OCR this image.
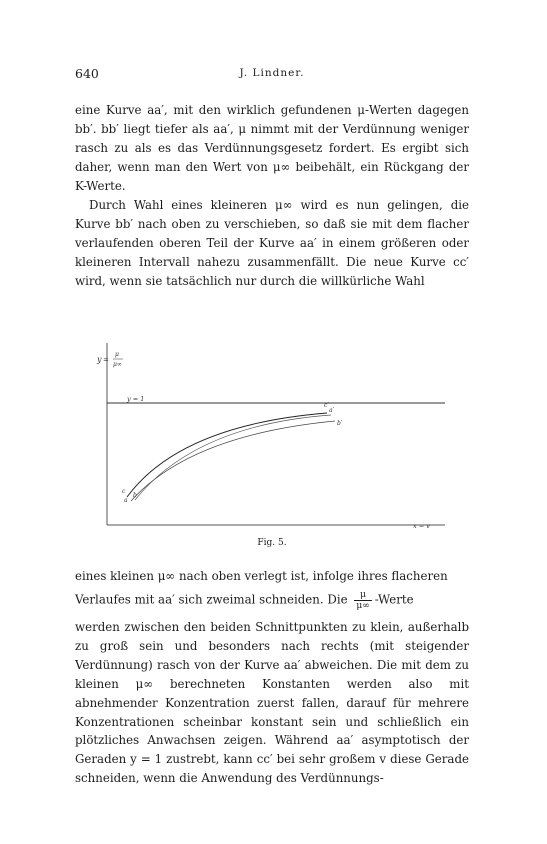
640	J. Lindner.

eine Kurve aa′, mit den wirklich gefundenen μ-Werten dagegen bb′. bb′ liegt tiefer als aa′, μ nimmt mit der Verdünnung weniger rasch zu als es das Verdünnungsgesetz fordert. Es ergibt sich daher, wenn man den Wert von μ∞ beibehält, ein Rückgang der K-Werte.

Durch Wahl eines kleineren μ∞ wird es nun gelingen, die Kurve bb′ nach oben zu verschieben, so daß sie mit dem flacher verlaufenden oberen Teil der Kurve aa′ in einem größeren oder kleineren Intervall nahezu zusammenfällt. Die neue Kurve cc′ wird, wenn sie tatsächlich nur durch die willkürliche Wahl

y =
μ
μ∞
y = 1
x = v
c
b
a
a′
c′
b′
Fig. 5.

eines kleinen μ∞ nach oben verlegt ist, infolge ihres flacheren

Verlaufes mit aa′ sich zweimal schneiden. Die $\frac{\mu}{\mu\infty}$ -Werte

werden zwischen den beiden Schnittpunkten zu klein, außerhalb zu groß sein und besonders nach rechts (mit steigender Verdünnung) rasch von der Kurve aa′ abweichen. Die mit dem zu kleinen μ∞ berechneten Konstanten werden also mit abnehmender Konzentration zuerst fallen, darauf für mehrere Konzentrationen scheinbar konstant sein und schließlich ein plötzliches Anwachsen zeigen. Während aa′ asymptotisch der Geraden y = 1 zustrebt, kann cc′ bei sehr großem v diese Gerade schneiden, wenn die Anwendung des Verdünnungs-
